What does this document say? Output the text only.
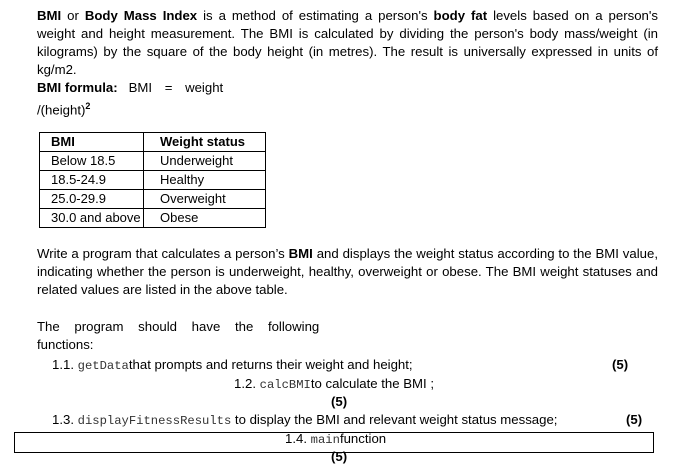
BMI or Body Mass Index is a method of estimating a person's body fat levels based on a person's weight and height measurement. The BMI is calculated by dividing the person's body mass/weight (in kilograms) by the square of the body height (in metres). The result is universally expressed in units of kg/m2.
BMI formula: BMI = weight
/(height)$^2$
BMI	Weight status
Below 18.5	Underweight
18.5-24.9	Healthy
25.0-29.9	Overweight
30.0 and above	Obese
Write a program that calculates a person’s BMI and displays the weight status according to the BMI value, indicating whether the person is underweight, healthy, overweight or obese. The BMI weight statuses and related values are listed in the above table.
The program should have the following
functions:
1.1. getDatathat prompts and returns their weight and height;	(5)
1.2. calcBMIto calculate the BMI ;
(5)
1.3. displayFitnessResults to display the BMI and relevant weight status message;	(5)
1.4. mainfunction
(5)
